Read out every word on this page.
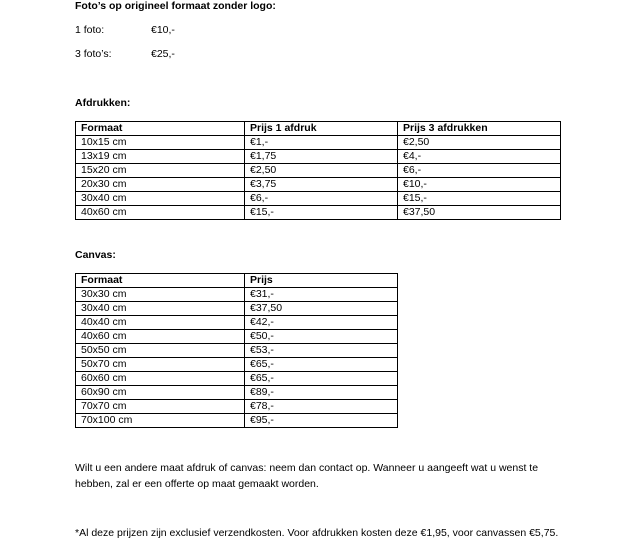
Foto’s op origineel formaat zonder logo:
1 foto:	€10,-
3 foto’s:	€25,-
Afdrukken:
Formaat	Prijs 1 afdruk	Prijs 3 afdrukken
10x15 cm	€1,-	€2,50
13x19 cm	€1,75	€4,-
15x20 cm	€2,50	€6,-
20x30 cm	€3,75	€10,-
30x40 cm	€6,-	€15,-
40x60 cm	€15,-	€37,50
Canvas:
Formaat	Prijs
30x30 cm	€31,-
30x40 cm	€37,50
40x40 cm	€42,-
40x60 cm	€50,-
50x50 cm	€53,-
50x70 cm	€65,-
60x60 cm	€65,-
60x90 cm	€89,-
70x70 cm	€78,-
70x100 cm	€95,-
Wilt u een andere maat afdruk of canvas: neem dan contact op. Wanneer u aangeeft wat u wenst te hebben, zal er een offerte op maat gemaakt worden.
*Al deze prijzen zijn exclusief verzendkosten. Voor afdrukken kosten deze €1,95, voor canvassen €5,75.
